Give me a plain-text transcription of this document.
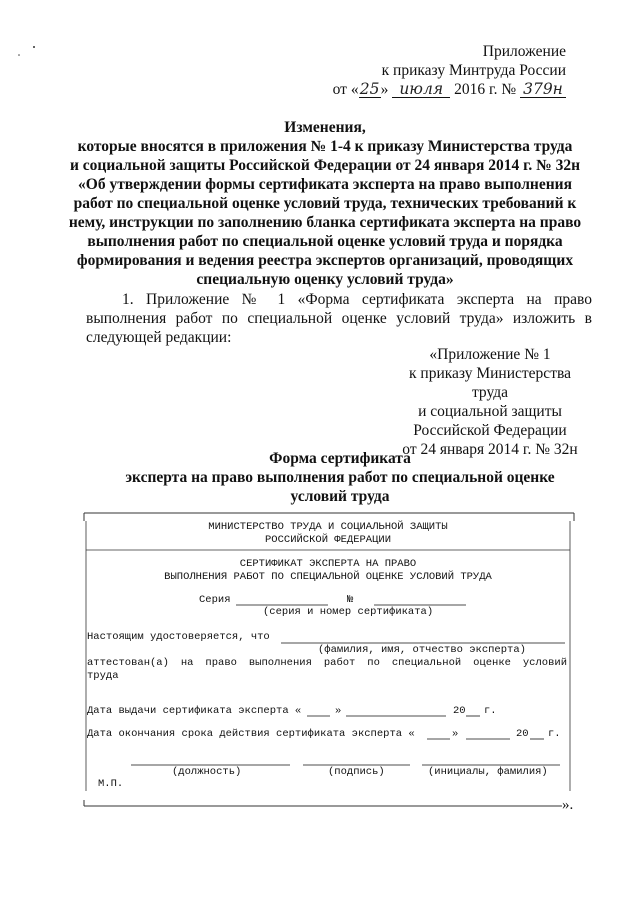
Приложение
к приказу Минтруда России
от «25» июля 2016 г. № 379н
Изменения,
которые вносятся в приложения № 1-4 к приказу Министерства труда
и социальной защиты Российской Федерации от 24 января 2014 г. № 32н
«Об утверждении формы сертификата эксперта на право выполнения
работ по специальной оценке условий труда, технических требований к
нему, инструкции по заполнению бланка сертификата эксперта на право
выполнения работ по специальной оценке условий труда и порядка
формирования и ведения реестра экспертов организаций, проводящих
специальную оценку условий труда»
1. Приложение № 1 «Форма сертификата эксперта на право
выполнения работ по специальной оценке условий труда» изложить в
следующей редакции:
«Приложение № 1
к приказу Министерства труда
и социальной защиты
Российской Федерации
от 24 января 2014 г. № 32н
Форма сертификата
эксперта на право выполнения работ по специальной оценке
условий труда
МИНИСТЕРСТВО ТРУДА И СОЦИАЛЬНОЙ ЗАЩИТЫ
РОССИЙСКОЙ ФЕДЕРАЦИИ
СЕРТИФИКАТ ЭКСПЕРТА НА ПРАВО
ВЫПОЛНЕНИЯ РАБОТ ПО СПЕЦИАЛЬНОЙ ОЦЕНКЕ УСЛОВИЙ ТРУДА
Серия	№
(серия и номер сертификата)
Настоящим удостоверяется, что
(фамилия, имя, отчество эксперта)
аттестован(а) на право выполнения работ по специальной оценке условий
труда
Дата выдачи сертификата эксперта «	»	20 г.
Дата окончания срока действия сертификата эксперта «	»	20 г.
(должность)	(подпись)	(инициалы, фамилия)
М.П.
».
